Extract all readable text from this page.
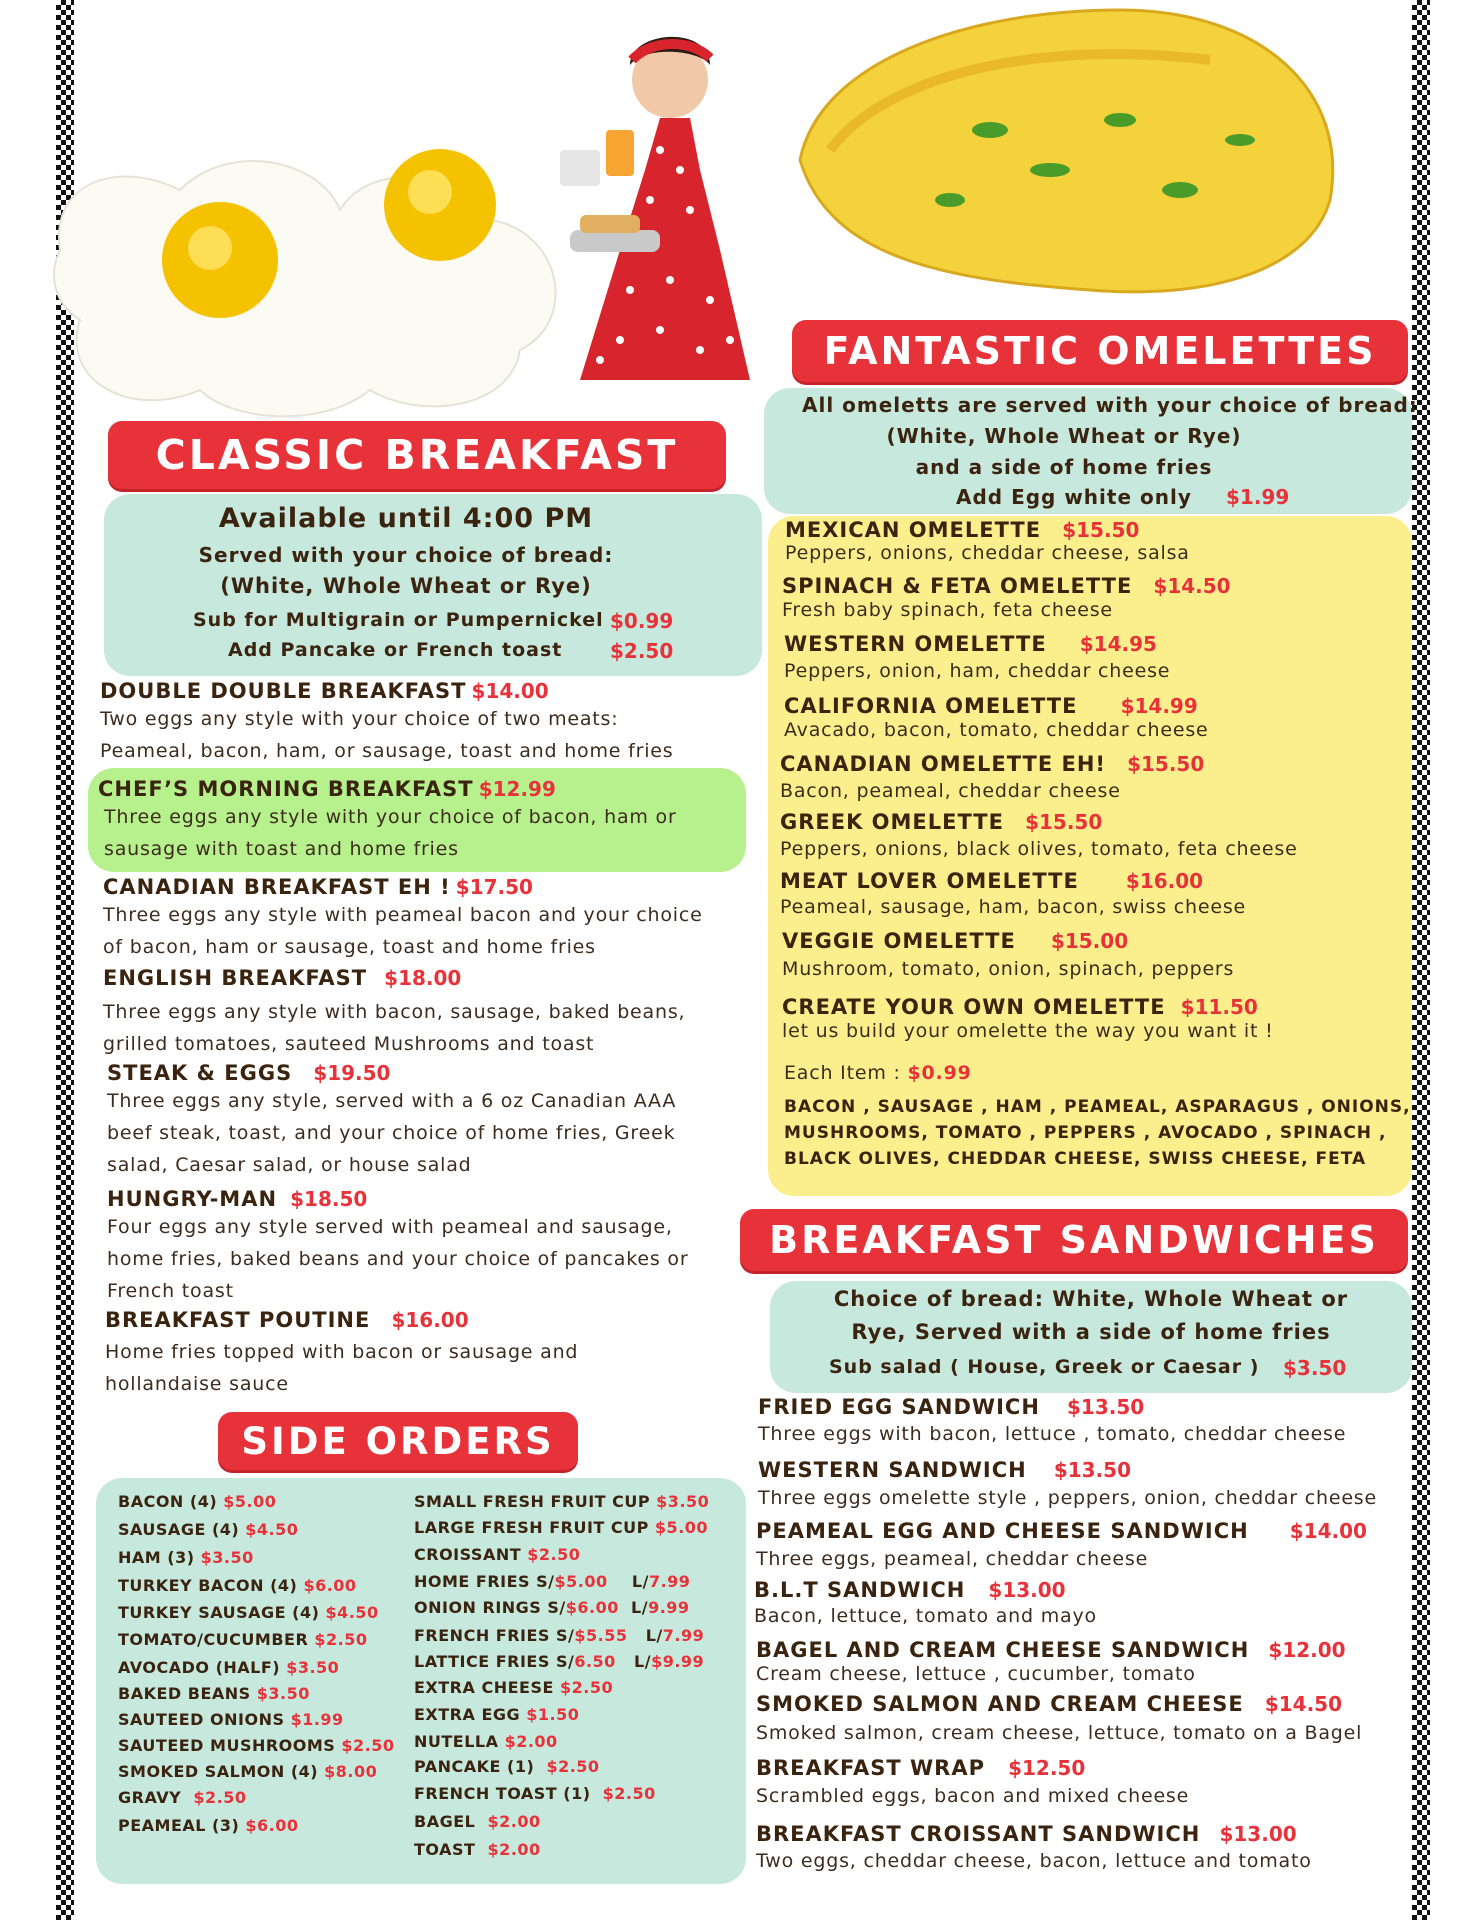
CLASSIC BREAKFAST
Available until 4:00 PM
Served with your choice of bread:
(White, Whole Wheat or Rye)
Sub for Multigrain or Pumpernickel $0.99
Add Pancake or French toast $2.50
DOUBLE DOUBLE BREAKFAST $14.00
Two eggs any style with your choice of two meats:
Peameal, bacon, ham, or sausage, toast and home fries
CHEF’S MORNING BREAKFAST $12.99
Three eggs any style with your choice of bacon, ham or
sausage with toast and home fries
CANADIAN BREAKFAST EH ! $17.50
Three eggs any style with peameal bacon and your choice
of bacon, ham or sausage, toast and home fries
ENGLISH BREAKFAST $18.00
Three eggs any style with bacon, sausage, baked beans,
grilled tomatoes, sauteed Mushrooms and toast
STEAK & EGGS $19.50
Three eggs any style, served with a 6 oz Canadian AAA
beef steak, toast, and your choice of home fries, Greek
salad, Caesar salad, or house salad
HUNGRY-MAN $18.50
Four eggs any style served with peameal and sausage,
home fries, baked beans and your choice of pancakes or
French toast
BREAKFAST POUTINE $16.00
Home fries topped with bacon or sausage and
hollandaise sauce
SIDE ORDERS
BACON (4) $5.00
SAUSAGE (4) $4.50
HAM (3) $3.50
TURKEY BACON (4) $6.00
TURKEY SAUSAGE (4) $4.50
TOMATO/CUCUMBER $2.50
AVOCADO (HALF) $3.50
BAKED BEANS $3.50
SAUTEED ONIONS $1.99
SAUTEED MUSHROOMS $2.50
SMOKED SALMON (4) $8.00
GRAVY $2.50
PEAMEAL (3) $6.00
SMALL FRESH FRUIT CUP $3.50
LARGE FRESH FRUIT CUP $5.00
CROISSANT $2.50
HOME FRIES S/$5.00 L/7.99
ONION RINGS S/$6.00 L/9.99
FRENCH FRIES S/$5.55 L/7.99
LATTICE FRIES S/6.50 L/$9.99
EXTRA CHEESE $2.50
EXTRA EGG $1.50
NUTELLA $2.00
PANCAKE (1) $2.50
FRENCH TOAST (1) $2.50
BAGEL $2.00
TOAST $2.00
FANTASTIC OMELETTES
All omeletts are served with your choice of bread:
(White, Whole Wheat or Rye)
and a side of home fries
Add Egg white only $1.99
MEXICAN OMELETTE $15.50
Peppers, onions, cheddar cheese, salsa
SPINACH & FETA OMELETTE $14.50
Fresh baby spinach, feta cheese
WESTERN OMELETTE $14.95
Peppers, onion, ham, cheddar cheese
CALIFORNIA OMELETTE $14.99
Avacado, bacon, tomato, cheddar cheese
CANADIAN OMELETTE EH! $15.50
Bacon, peameal, cheddar cheese
GREEK OMELETTE $15.50
Peppers, onions, black olives, tomato, feta cheese
MEAT LOVER OMELETTE $16.00
Peameal, sausage, ham, bacon, swiss cheese
VEGGIE OMELETTE $15.00
Mushroom, tomato, onion, spinach, peppers
CREATE YOUR OWN OMELETTE $11.50
let us build your omelette the way you want it !
Each Item : $0.99
BACON , SAUSAGE , HAM , PEAMEAL, ASPARAGUS , ONIONS,
MUSHROOMS, TOMATO , PEPPERS , AVOCADO , SPINACH ,
BLACK OLIVES, CHEDDAR CHEESE, SWISS CHEESE, FETA
BREAKFAST SANDWICHES
Choice of bread: White, Whole Wheat or
Rye, Served with a side of home fries
Sub salad ( House, Greek or Caesar ) $3.50
FRIED EGG SANDWICH $13.50
Three eggs with bacon, lettuce , tomato, cheddar cheese
WESTERN SANDWICH $13.50
Three eggs omelette style , peppers, onion, cheddar cheese
PEAMEAL EGG AND CHEESE SANDWICH $14.00
Three eggs, peameal, cheddar cheese
B.L.T SANDWICH $13.00
Bacon, lettuce, tomato and mayo
BAGEL AND CREAM CHEESE SANDWICH $12.00
Cream cheese, lettuce , cucumber, tomato
SMOKED SALMON AND CREAM CHEESE $14.50
Smoked salmon, cream cheese, lettuce, tomato on a Bagel
BREAKFAST WRAP $12.50
Scrambled eggs, bacon and mixed cheese
BREAKFAST CROISSANT SANDWICH $13.00
Two eggs, cheddar cheese, bacon, lettuce and tomato
